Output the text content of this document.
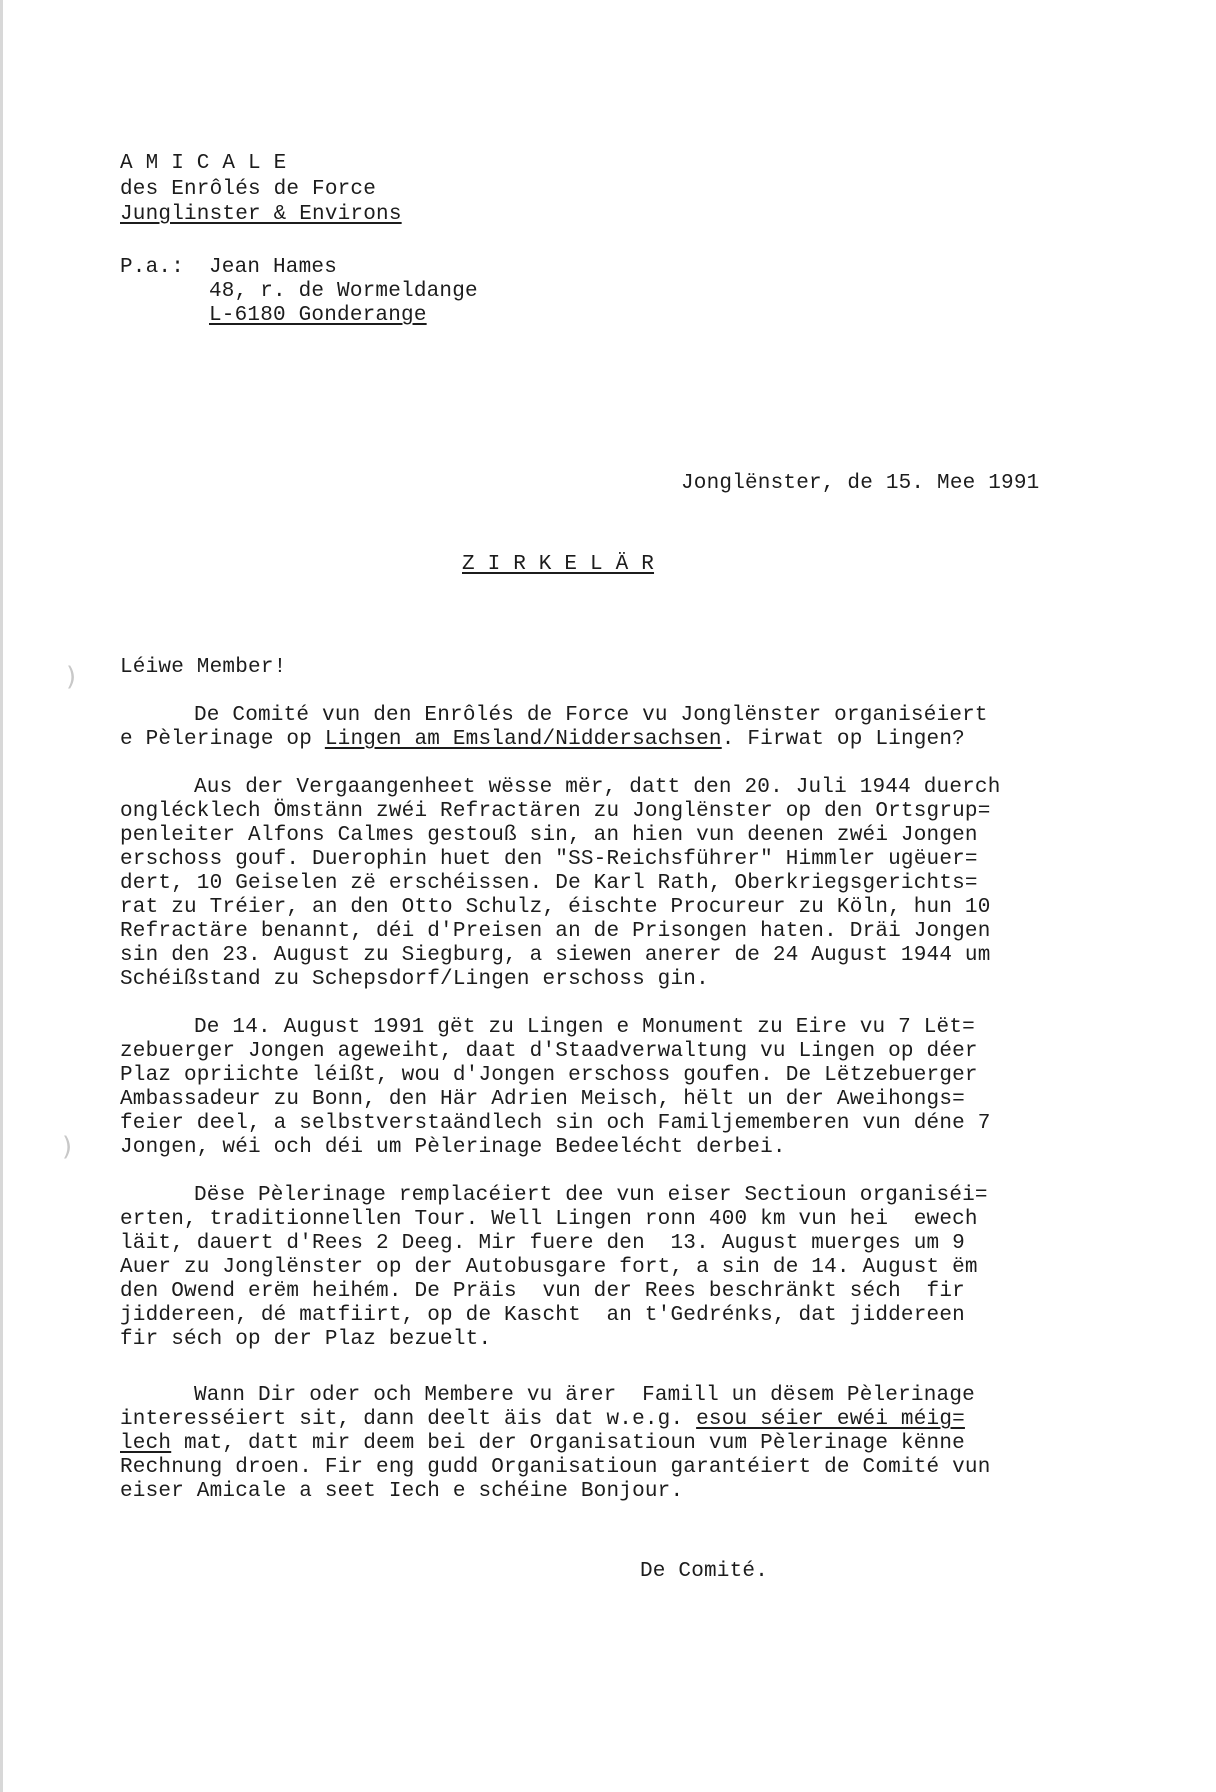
)
)
A M I C A L E
des Enrôlés de Force
Junglinster & Environs
P.a.: Jean Hames
48, r. de Wormeldange
L-6180 Gonderange
Jonglënster, de 15. Mee 1991
Z I R K E L Ä R
Léiwe Member!
De Comité vun den Enrôlés de Force vu Jonglënster organiséiert
e Pèlerinage op Lingen am Emsland/Niddersachsen. Firwat op Lingen?
Aus der Vergaangenheet wësse mër, datt den 20. Juli 1944 duerch
onglécklech Ömstänn zwéi Refractären zu Jonglënster op den Ortsgrup=
penleiter Alfons Calmes gestouß sin, an hien vun deenen zwéi Jongen
erschoss gouf. Duerophin huet den "SS-Reichsführer" Himmler ugëuer=
dert, 10 Geiselen zë erschéissen. De Karl Rath, Oberkriegsgerichts=
rat zu Tréier, an den Otto Schulz, éischte Procureur zu Köln, hun 10
Refractäre benannt, déi d'Preisen an de Prisongen haten. Dräi Jongen
sin den 23. August zu Siegburg, a siewen anerer de 24 August 1944 um
Schéißstand zu Schepsdorf/Lingen erschoss gin.
De 14. August 1991 gët zu Lingen e Monument zu Eire vu 7 Lët=
zebuerger Jongen ageweiht, daat d'Staadverwaltung vu Lingen op déer
Plaz opriichte léißt, wou d'Jongen erschoss goufen. De Lëtzebuerger
Ambassadeur zu Bonn, den Här Adrien Meisch, hëlt un der Aweihongs=
feier deel, a selbstverstaändlech sin och Familjememberen vun déne 7
Jongen, wéi och déi um Pèlerinage Bedeelécht derbei.
Dëse Pèlerinage remplacéiert dee vun eiser Sectioun organiséi=
erten, traditionnellen Tour. Well Lingen ronn 400 km vun hei  ewech
läit, dauert d'Rees 2 Deeg. Mir fuere den  13. August muerges um 9
Auer zu Jonglënster op der Autobusgare fort, a sin de 14. August ëm
den Owend erëm heihém. De Präis  vun der Rees beschränkt séch  fir
jiddereen, dé matfiirt, op de Kascht  an t'Gedrénks, dat jiddereen
fir séch op der Plaz bezuelt.
Wann Dir oder och Membere vu ärer  Famill un dësem Pèlerinage
interesséiert sit, dann deelt äis dat w.e.g. esou séier ewéi méig=
lech mat, datt mir deem bei der Organisatioun vum Pèlerinage kënne
Rechnung droen. Fir eng gudd Organisatioun garantéiert de Comité vun
eiser Amicale a seet Iech e schéine Bonjour.
De Comité.
